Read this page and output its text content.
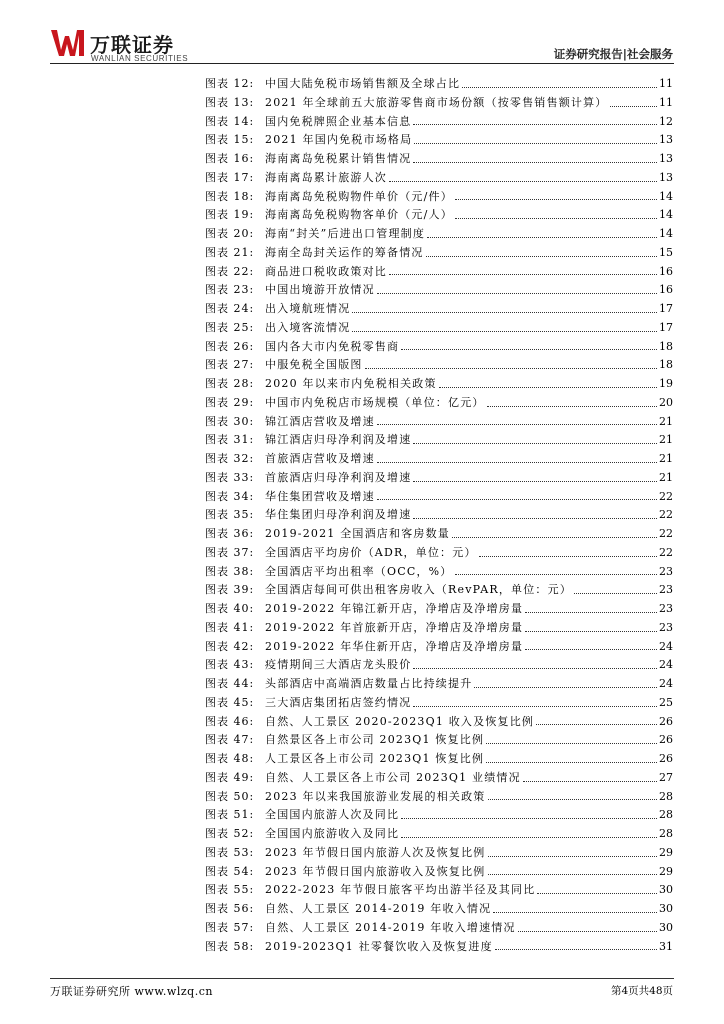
万联证券
WANLIAN SECURITIES	证券研究报告|社会服务
图表 12: 中国大陆免税市场销售额及全球占比	11
图表 13: 2021 年全球前五大旅游零售商市场份额（按零售销售额计算）	11
图表 14: 国内免税牌照企业基本信息	12
图表 15: 2021 年国内免税市场格局	13
图表 16: 海南离岛免税累计销售情况	13
图表 17: 海南离岛累计旅游人次	13
图表 18: 海南离岛免税购物件单价（元/件）	14
图表 19: 海南离岛免税购物客单价（元/人）	14
图表 20: 海南“封关”后进出口管理制度	14
图表 21: 海南全岛封关运作的筹备情况	15
图表 22: 商品进口税收政策对比	16
图表 23: 中国出境游开放情况	16
图表 24: 出入境航班情况	17
图表 25: 出入境客流情况	17
图表 26: 国内各大市内免税零售商	18
图表 27: 中服免税全国版图	18
图表 28: 2020 年以来市内免税相关政策	19
图表 29: 中国市内免税店市场规模（单位：亿元）	20
图表 30: 锦江酒店营收及增速	21
图表 31: 锦江酒店归母净利润及增速	21
图表 32: 首旅酒店营收及增速	21
图表 33: 首旅酒店归母净利润及增速	21
图表 34: 华住集团营收及增速	22
图表 35: 华住集团归母净利润及增速	22
图表 36: 2019-2021 全国酒店和客房数量	22
图表 37: 全国酒店平均房价（ADR，单位：元）	22
图表 38: 全国酒店平均出租率（OCC，%）	23
图表 39: 全国酒店每间可供出租客房收入（RevPAR，单位：元）	23
图表 40: 2019-2022 年锦江新开店，净增店及净增房量	23
图表 41: 2019-2022 年首旅新开店，净增店及净增房量	23
图表 42: 2019-2022 年华住新开店，净增店及净增房量	24
图表 43: 疫情期间三大酒店龙头股价	24
图表 44: 头部酒店中高端酒店数量占比持续提升	24
图表 45: 三大酒店集团拓店签约情况	25
图表 46: 自然、人工景区 2020-2023Q1 收入及恢复比例	26
图表 47: 自然景区各上市公司 2023Q1 恢复比例	26
图表 48: 人工景区各上市公司 2023Q1 恢复比例	26
图表 49: 自然、人工景区各上市公司 2023Q1 业绩情况	27
图表 50: 2023 年以来我国旅游业发展的相关政策	28
图表 51: 全国国内旅游人次及同比	28
图表 52: 全国国内旅游收入及同比	28
图表 53: 2023 年节假日国内旅游人次及恢复比例	29
图表 54: 2023 年节假日国内旅游收入及恢复比例	29
图表 55: 2022-2023 年节假日旅客平均出游半径及其同比	30
图表 56: 自然、人工景区 2014-2019 年收入情况	30
图表 57: 自然、人工景区 2014-2019 年收入增速情况	30
图表 58: 2019-2023Q1 社零餐饮收入及恢复进度	31
万联证券研究所 www.wlzq.cn	第4页共48页
